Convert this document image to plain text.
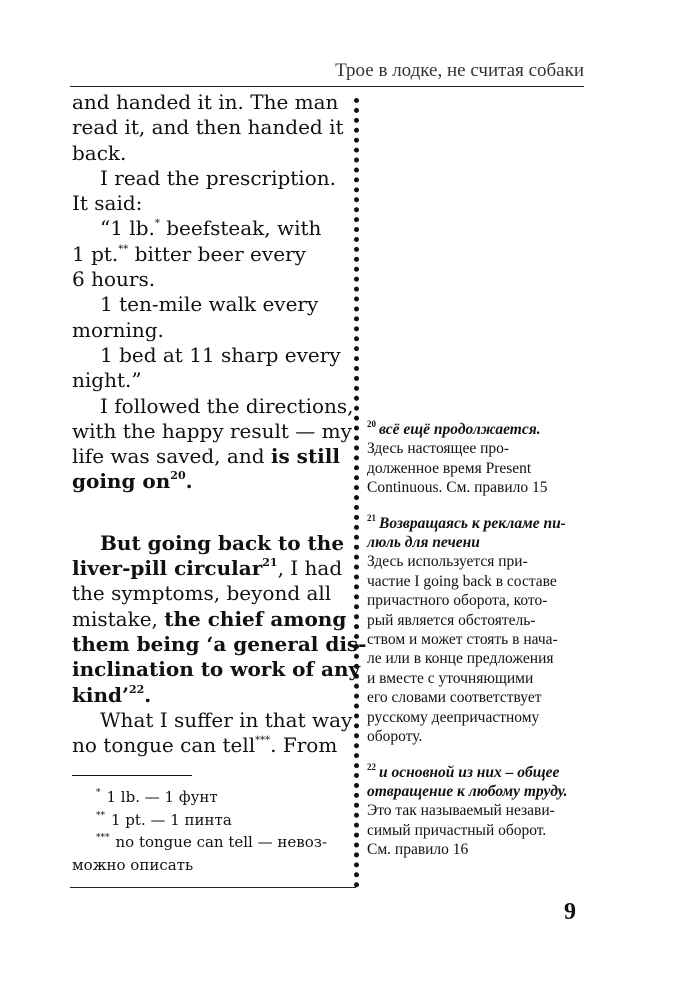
Трое в лодке, не считая собаки
and handed it in. The man
read it, and then handed it
back.
I read the prescription.
It said:
“1 lb.* beefsteak, with
1 pt.** bitter beer every
6 hours.
1 ten-mile walk every
morning.
1 bed at 11 sharp every
night.”
I followed the directions,
with the happy result — my
life was saved, and is still
going $on^{20}$.
But going back to the
liver-pill circular$^{21}$, I had
the symptoms, beyond all
mistake, the chief among
them being ‘a general dis-
inclination to work of any
kind’$^{22}$.
What I suffer in that way
no tongue can tell***. From
* 1 lb. — 1 фунт
** 1 pt. — 1 пинта
*** no tongue can tell — невоз-
можно описать
$^{20}$ всё ещё продолжается.
Здесь настоящее про-
долженное время Present
Continuous. См. правило 15
$^{21}$ Возвращаясь к рекламе пи-
люль для печени
Здесь используется при-
частие I going back в составе
причастного оборота, кото-
рый является обстоятель-
ством и может стоять в нача-
ле или в конце предложения
и вместе с уточняющими
его словами соответствует
русскому деепричастному
обороту.
$^{22}$ и основной из них – общее
отвращение к любому труду.
Это так называемый незави-
симый причастный оборот.
См. правило 16
9
